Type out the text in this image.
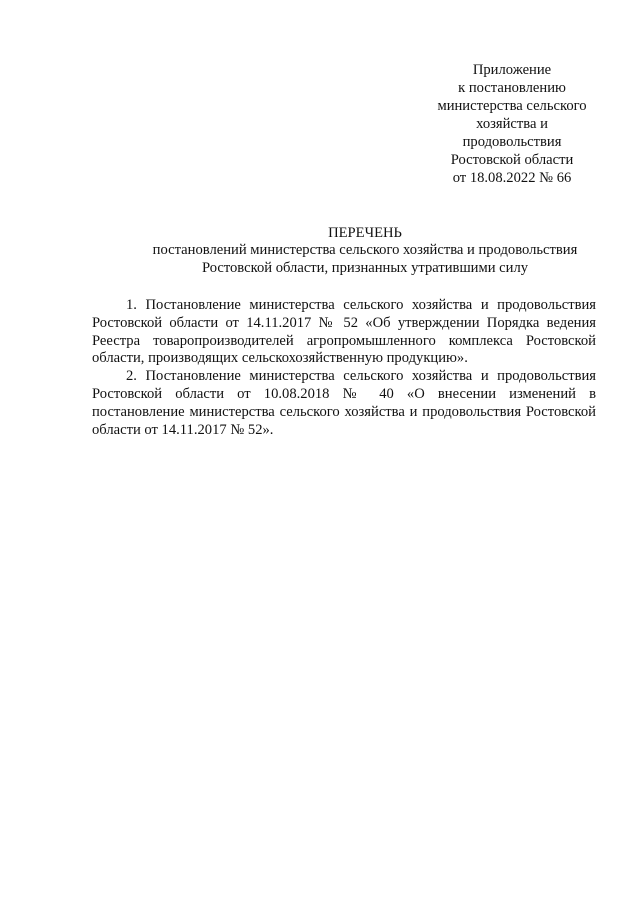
Приложение
к постановлению
министерства сельского
хозяйства и
продовольствия
Ростовской области
от 18.08.2022 № 66
ПЕРЕЧЕНЬ
постановлений министерства сельского хозяйства и продовольствия
Ростовской области, признанных утратившими силу

1. Постановление министерства сельского хозяйства и продовольствия Ростовской области от 14.11.2017 № 52 «Об утверждении Порядка ведения Реестра товаропроизводителей агропромышленного комплекса Ростовской области, производящих сельскохозяйственную продукцию».

2. Постановление министерства сельского хозяйства и продовольствия Ростовской области от 10.08.2018 № 40 «О внесении изменений в постановление министерства сельского хозяйства и продовольствия Ростовской области от 14.11.2017 № 52».
